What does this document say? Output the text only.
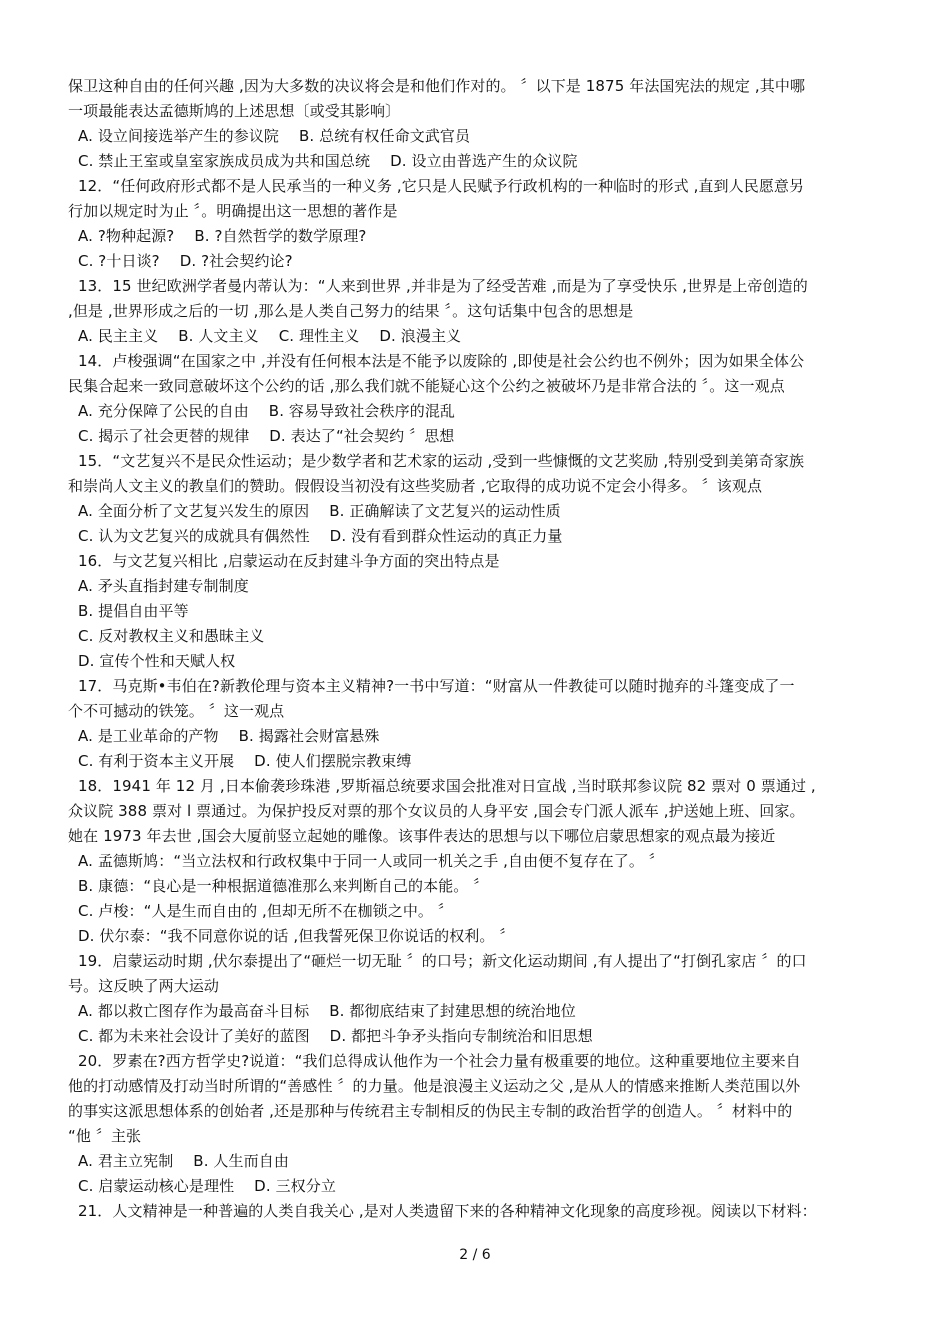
保卫这种自由的任何兴趣 ,因为大多数的决议将会是和他们作对的。 〞以下是 1875 年法国宪法的规定 ,其中哪
一项最能表达孟德斯鸠的上述思想〔或受其影响〕
A. 设立间接选举产生的参议院　 B. 总统有权任命文武官员
C. 禁止王室或皇室家族成员成为共和国总统　 D. 设立由普选产生的众议院
12．“任何政府形式都不是人民承当的一种义务 ,它只是人民赋予行政机构的一种临时的形式 ,直到人民愿意另
行加以规定时为止 〞。明确提出这一思想的著作是
A. ?物种起源?　 B. ?自然哲学的数学原理?
C. ?十日谈?　 D. ?社会契约论?
13．15 世纪欧洲学者曼内蒂认为：“人来到世界 ,并非是为了经受苦难 ,而是为了享受快乐 ,世界是上帝创造的
,但是 ,世界形成之后的一切 ,那么是人类自己努力的结果 〞。这句话集中包含的思想是
A. 民主主义　 B. 人文主义　 C. 理性主义　 D. 浪漫主义
14．卢梭强调“在国家之中 ,并没有任何根本法是不能予以废除的 ,即使是社会公约也不例外；因为如果全体公
民集合起来一致同意破坏这个公约的话 ,那么我们就不能疑心这个公约之被破坏乃是非常合法的 〞。这一观点
A. 充分保障了公民的自由　 B. 容易导致社会秩序的混乱
C. 揭示了社会更替的规律　 D. 表达了“社会契约 〞思想
15．“文艺复兴不是民众性运动；是少数学者和艺术家的运动 ,受到一些慷慨的文艺奖励 ,特别受到美第奇家族
和崇尚人文主义的教皇们的赞助。假假设当初没有这些奖励者 ,它取得的成功说不定会小得多。 〞该观点
A. 全面分析了文艺复兴发生的原因　 B. 正确解读了文艺复兴的运动性质
C. 认为文艺复兴的成就具有偶然性　 D. 没有看到群众性运动的真正力量
16．与文艺复兴相比 ,启蒙运动在反封建斗争方面的突出特点是
A. 矛头直指封建专制制度
B. 提倡自由平等
C. 反对教权主义和愚昧主义
D. 宣传个性和天赋人权
17．马克斯•韦伯在?新教伦理与资本主义精神?一书中写道：“财富从一件教徒可以随时抛弃的斗篷变成了一
个不可撼动的铁笼。 〞这一观点
A. 是工业革命的产物　 B. 揭露社会财富悬殊
C. 有利于资本主义开展　 D. 使人们摆脱宗教束缚
18．1941 年 12 月 ,日本偷袭珍珠港 ,罗斯福总统要求国会批准对日宣战 ,当时联邦参议院 82 票对 0 票通过 ,
众议院 388 票对 l 票通过。为保护投反对票的那个女议员的人身平安 ,国会专门派人派车 ,护送她上班、回家。
她在 1973 年去世 ,国会大厦前竖立起她的雕像。该事件表达的思想与以下哪位启蒙思想家的观点最为接近
A. 孟德斯鸠：“当立法权和行政权集中于同一人或同一机关之手 ,自由便不复存在了。 〞
B. 康德：“良心是一种根据道德准那么来判断自己的本能。 〞
C. 卢梭：“人是生而自由的 ,但却无所不在枷锁之中。 〞
D. 伏尔泰：“我不同意你说的话 ,但我誓死保卫你说话的权利。 〞
19．启蒙运动时期 ,伏尔泰提出了“砸烂一切无耻 〞的口号；新文化运动期间 ,有人提出了“打倒孔家店 〞的口
号。这反映了两大运动
A. 都以救亡图存作为最高奋斗目标　 B. 都彻底结束了封建思想的统治地位
C. 都为未来社会设计了美好的蓝图　 D. 都把斗争矛头指向专制统治和旧思想
20．罗素在?西方哲学史?说道：“我们总得成认他作为一个社会力量有极重要的地位。这种重要地位主要来自
他的打动感情及打动当时所谓的“善感性 〞的力量。他是浪漫主义运动之父 ,是从人的情感来推断人类范围以外
的事实这派思想体系的创始者 ,还是那种与传统君主专制相反的伪民主专制的政治哲学的创造人。 〞材料中的
“他 〞主张
A. 君主立宪制　 B. 人生而自由
C. 启蒙运动核心是理性　 D. 三权分立
21．人文精神是一种普遍的人类自我关心 ,是对人类遗留下来的各种精神文化现象的高度珍视。阅读以下材料：
2 / 6
